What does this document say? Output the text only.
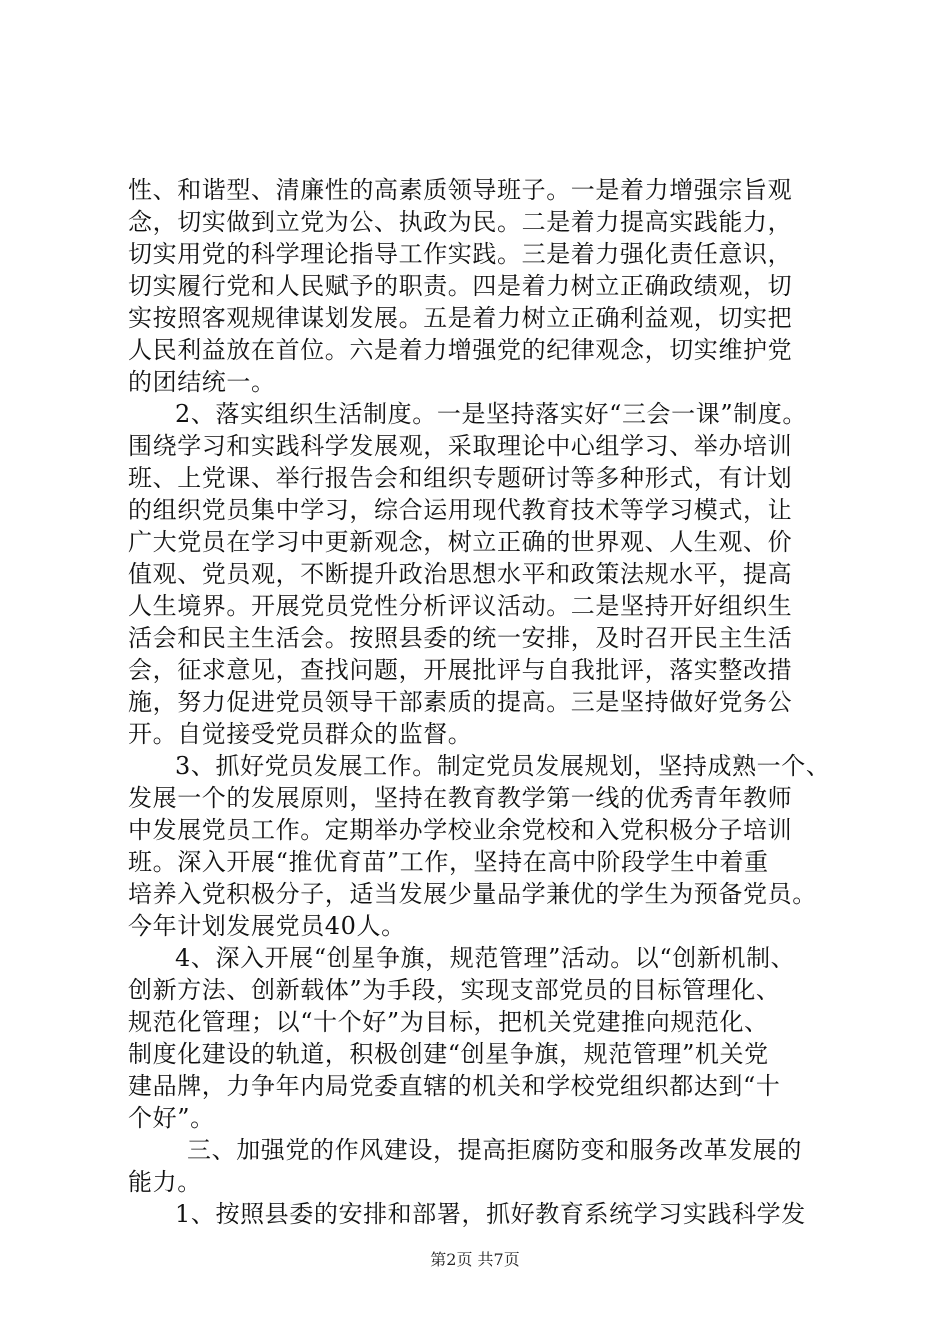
性、和谐型、清廉性的高素质领导班子。一是着力增强宗旨观
念，切实做到立党为公、执政为民。二是着力提高实践能力，
切实用党的科学理论指导工作实践。三是着力强化责任意识，
切实履行党和人民赋予的职责。四是着力树立正确政绩观，切
实按照客观规律谋划发展。五是着力树立正确利益观，切实把
人民利益放在首位。六是着力增强党的纪律观念，切实维护党
的团结统一。
2、落实组织生活制度。一是坚持落实好“三会一课”制度。
围绕学习和实践科学发展观，采取理论中心组学习、举办培训
班、上党课、举行报告会和组织专题研讨等多种形式，有计划
的组织党员集中学习，综合运用现代教育技术等学习模式，让
广大党员在学习中更新观念，树立正确的世界观、人生观、价
值观、党员观，不断提升政治思想水平和政策法规水平，提高
人生境界。开展党员党性分析评议活动。二是坚持开好组织生
活会和民主生活会。按照县委的统一安排，及时召开民主生活
会，征求意见，查找问题，开展批评与自我批评，落实整改措
施，努力促进党员领导干部素质的提高。三是坚持做好党务公
开。自觉接受党员群众的监督。
3、抓好党员发展工作。制定党员发展规划，坚持成熟一个、
发展一个的发展原则，坚持在教育教学第一线的优秀青年教师
中发展党员工作。定期举办学校业余党校和入党积极分子培训
班。深入开展“推优育苗”工作，坚持在高中阶段学生中着重
培养入党积极分子，适当发展少量品学兼优的学生为预备党员。
今年计划发展党员40人。
4、深入开展“创星争旗，规范管理”活动。以“创新机制、
创新方法、创新载体”为手段，实现支部党员的目标管理化、
规范化管理；以“十个好”为目标，把机关党建推向规范化、
制度化建设的轨道，积极创建“创星争旗，规范管理”机关党
建品牌，力争年内局党委直辖的机关和学校党组织都达到“十
个好”。
三、加强党的作风建设，提高拒腐防变和服务改革发展的
能力。
1、按照县委的安排和部署，抓好教育系统学习实践科学发
第2页 共7页
